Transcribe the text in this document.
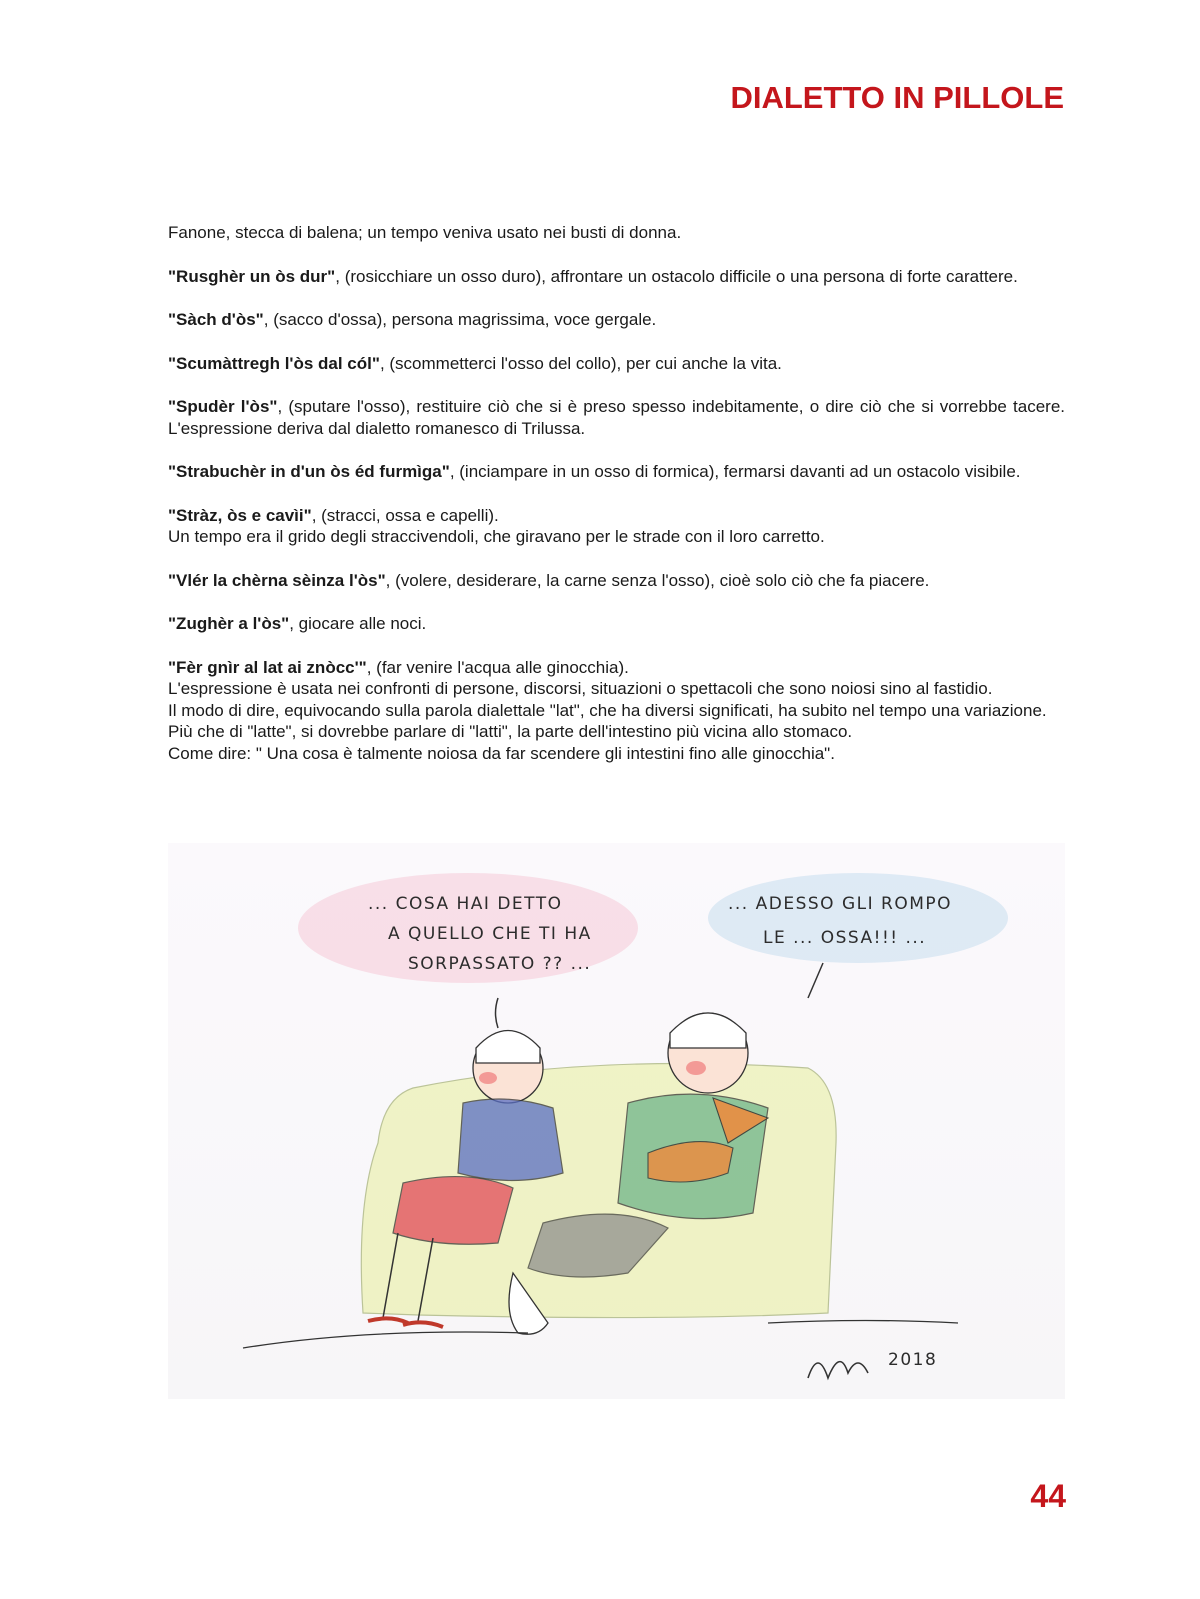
DIALETTO IN PILLOLE

Fanone, stecca di balena; un tempo veniva usato nei busti di donna.

"Rusghèr un òs dur", (rosicchiare un osso duro), affrontare un ostacolo difficile o una persona di forte carattere.

"Sàch d'òs", (sacco d'ossa), persona magrissima, voce gergale.

"Scumàttregh l'òs dal cól", (scommetterci l'osso del collo), per cui anche la vita.

"Spudèr l'òs", (sputare l'osso), restituire ciò che si è preso spesso indebitamente, o dire ciò che si vorrebbe tacere. L'espressione deriva dal dialetto romanesco di Trilussa.

"Strabuchèr in d'un òs éd furmìga", (inciampare in un osso di formica), fermarsi davanti ad un ostacolo visibile.

"Stràz, òs e cavìi", (stracci, ossa e capelli).

Un tempo era il grido degli straccivendoli, che giravano per le strade con il loro carretto.

"Vlér la chèrna sèinza l'òs", (volere, desiderare, la carne senza l'osso), cioè solo ciò che fa piacere.

"Zughèr a l'òs", giocare alle noci.

"Fèr gnìr al lat ai znòcc'", (far venire l'acqua alle ginocchia).

L'espressione è usata nei confronti di persone, discorsi, situazioni o spettacoli che sono noiosi sino al fastidio.

Il modo di dire, equivocando sulla parola dialettale "lat", che ha diversi significati, ha subito nel tempo una variazione.

Più che di "latte", si dovrebbe parlare di "latti", la parte dell'intestino più vicina allo stomaco.

Come dire: " Una cosa è talmente noiosa da far scendere gli intestini fino alle ginocchia".

... COSA HAI DETTO
A QUELLO CHE TI HA
SORPASSATO ?? ...
... ADESSO GLI ROMPO
LE ... OSSA!!! ...
2018
44
